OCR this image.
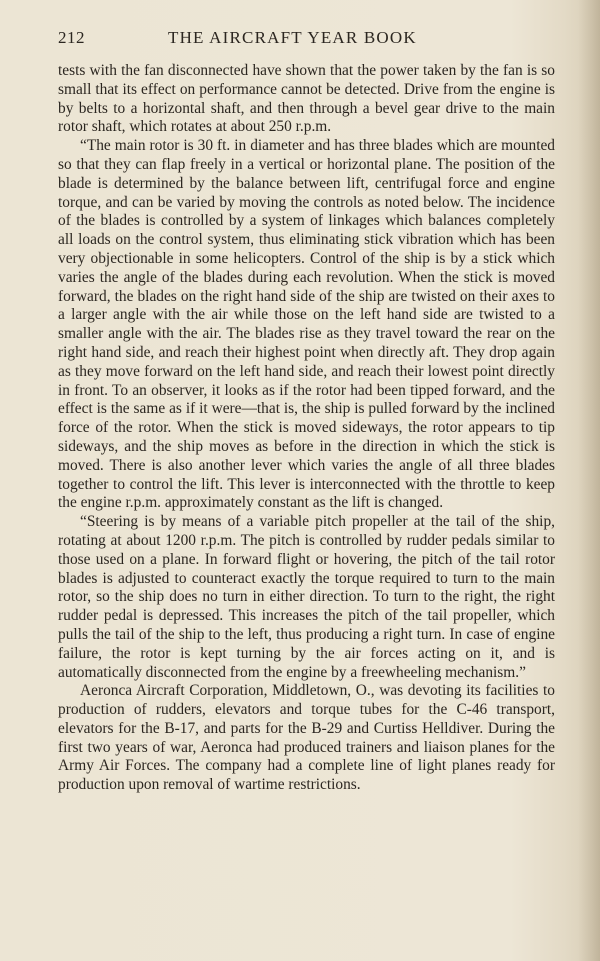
212	THE AIRCRAFT YEAR BOOK

tests with the fan disconnected have shown that the power taken by the fan is so small that its effect on performance cannot be detected. Drive from the engine is by belts to a horizontal shaft, and then through a bevel gear drive to the main rotor shaft, which rotates at about 250 r.p.m.

“The main rotor is 30 ft. in diameter and has three blades which are mounted so that they can flap freely in a vertical or horizontal plane. The position of the blade is determined by the balance between lift, centrifugal force and engine torque, and can be varied by moving the controls as noted below. The incidence of the blades is controlled by a system of linkages which balances completely all loads on the control system, thus eliminating stick vibration which has been very objectionable in some helicopters. Control of the ship is by a stick which varies the angle of the blades during each revolution. When the stick is moved forward, the blades on the right hand side of the ship are twisted on their axes to a larger angle with the air while those on the left hand side are twisted to a smaller angle with the air. The blades rise as they travel toward the rear on the right hand side, and reach their highest point when directly aft. They drop again as they move forward on the left hand side, and reach their lowest point directly in front. To an observer, it looks as if the rotor had been tipped forward, and the effect is the same as if it were—that is, the ship is pulled forward by the inclined force of the rotor. When the stick is moved sideways, the rotor appears to tip sideways, and the ship moves as before in the direction in which the stick is moved. There is also another lever which varies the angle of all three blades together to control the lift. This lever is interconnected with the throttle to keep the engine r.p.m. approximately constant as the lift is changed.

“Steering is by means of a variable pitch propeller at the tail of the ship, rotating at about 1200 r.p.m. The pitch is controlled by rudder pedals similar to those used on a plane. In forward flight or hovering, the pitch of the tail rotor blades is adjusted to counteract exactly the torque required to turn to the main rotor, so the ship does no turn in either direction. To turn to the right, the right rudder pedal is depressed. This increases the pitch of the tail propeller, which pulls the tail of the ship to the left, thus producing a right turn. In case of engine failure, the rotor is kept turning by the air forces acting on it, and is automatically disconnected from the engine by a freewheeling mechanism.”

Aeronca Aircraft Corporation, Middletown, O., was devoting its facilities to production of rudders, elevators and torque tubes for the C-46 transport, elevators for the B-17, and parts for the B-29 and Curtiss Helldiver. During the first two years of war, Aeronca had produced trainers and liaison planes for the Army Air Forces. The company had a complete line of light planes ready for production upon removal of wartime restrictions.
